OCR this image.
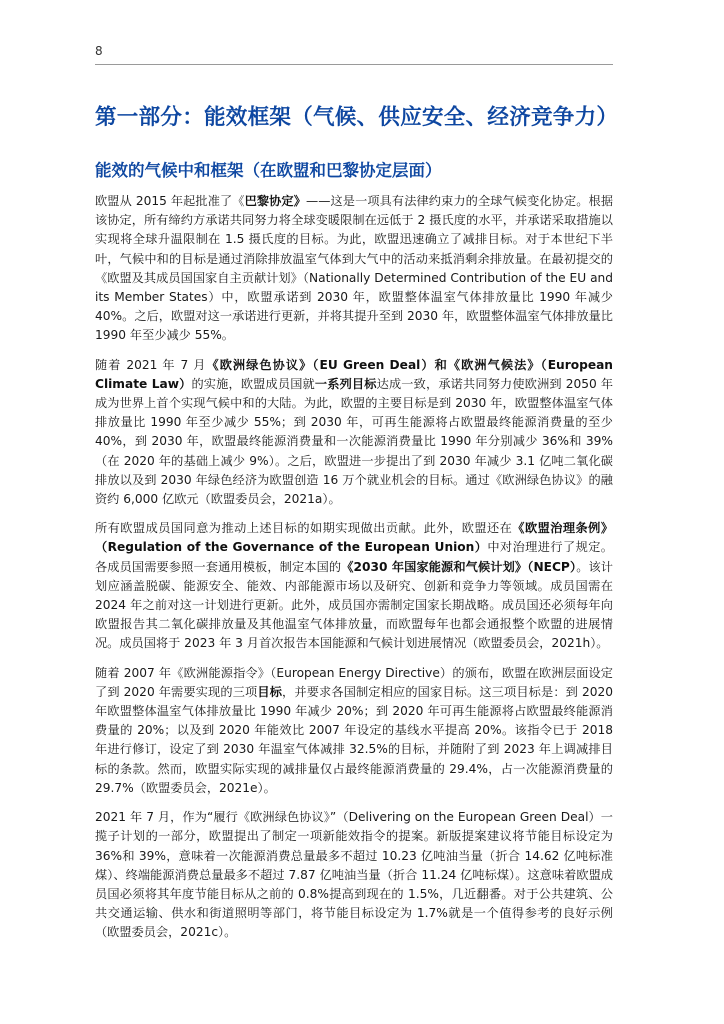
8
第一部分：能效框架（气候、供应安全、经济竞争力）
能效的气候中和框架（在欧盟和巴黎协定层面）

欧盟从 2015 年起批准了《巴黎协定》——这是一项具有法律约束力的全球气候变化协定。根据该协定，所有缔约方承诺共同努力将全球变暖限制在远低于 2 摄氏度的水平，并承诺采取措施以实现将全球升温限制在 1.5 摄氏度的目标。为此，欧盟迅速确立了减排目标。对于本世纪下半叶，气候中和的目标是通过消除排放温室气体到大气中的活动来抵消剩余排放量。在最初提交的《欧盟及其成员国国家自主贡献计划》（Nationally Determined Contribution of the EU and its Member States）中，欧盟承诺到 2030 年，欧盟整体温室气体排放量比 1990 年减少 40%。之后，欧盟对这一承诺进行更新，并将其提升至到 2030 年，欧盟整体温室气体排放量比 1990 年至少减少 55%。

随着 2021 年 7 月《欧洲绿色协议》（EU Green Deal）和《欧洲气候法》（European Climate Law）的实施，欧盟成员国就一系列目标达成一致，承诺共同努力使欧洲到 2050 年成为世界上首个实现气候中和的大陆。为此，欧盟的主要目标是到 2030 年，欧盟整体温室气体排放量比 1990 年至少减少 55%；到 2030 年，可再生能源将占欧盟最终能源消费量的至少 40%，到 2030 年，欧盟最终能源消费量和一次能源消费量比 1990 年分别减少 36%和 39%（在 2020 年的基础上减少 9%）。之后，欧盟进一步提出了到 2030 年减少 3.1 亿吨二氧化碳排放以及到 2030 年绿色经济为欧盟创造 16 万个就业机会的目标。通过《欧洲绿色协议》的融资约 6,000 亿欧元（欧盟委员会，2021a）。

所有欧盟成员国同意为推动上述目标的如期实现做出贡献。此外，欧盟还在《欧盟治理条例》（Regulation of the Governance of the European Union）中对治理进行了规定。各成员国需要参照一套通用模板，制定本国的《2030 年国家能源和气候计划》（NECP）。该计划应涵盖脱碳、能源安全、能效、内部能源市场以及研究、创新和竞争力等领域。成员国需在 2024 年之前对这一计划进行更新。此外，成员国亦需制定国家长期战略。成员国还必须每年向欧盟报告其二氧化碳排放量及其他温室气体排放量，而欧盟每年也都会通报整个欧盟的进展情况。成员国将于 2023 年 3 月首次报告本国能源和气候计划进展情况（欧盟委员会，2021h）。

随着 2007 年《欧洲能源指令》（European Energy Directive）的颁布，欧盟在欧洲层面设定了到 2020 年需要实现的三项目标，并要求各国制定相应的国家目标。这三项目标是：到 2020 年欧盟整体温室气体排放量比 1990 年减少 20%；到 2020 年可再生能源将占欧盟最终能源消费量的 20%；以及到 2020 年能效比 2007 年设定的基线水平提高 20%。该指令已于 2018 年进行修订，设定了到 2030 年温室气体减排 32.5%的目标，并随附了到 2023 年上调减排目标的条款。然而，欧盟实际实现的减排量仅占最终能源消费量的 29.4%，占一次能源消费量的 29.7%（欧盟委员会，2021e）。

2021 年 7 月，作为“履行《欧洲绿色协议》”（Delivering on the European Green Deal）一揽子计划的一部分，欧盟提出了制定一项新能效指令的提案。新版提案建议将节能目标设定为 36%和 39%，意味着一次能源消费总量最多不超过 10.23 亿吨油当量（折合 14.62 亿吨标准煤）、终端能源消费总量最多不超过 7.87 亿吨油当量（折合 11.24 亿吨标煤）。这意味着欧盟成员国必须将其年度节能目标从之前的 0.8%提高到现在的 1.5%，几近翻番。对于公共建筑、公共交通运输、供水和街道照明等部门，将节能目标设定为 1.7%就是一个值得参考的良好示例（欧盟委员会，2021c）。
